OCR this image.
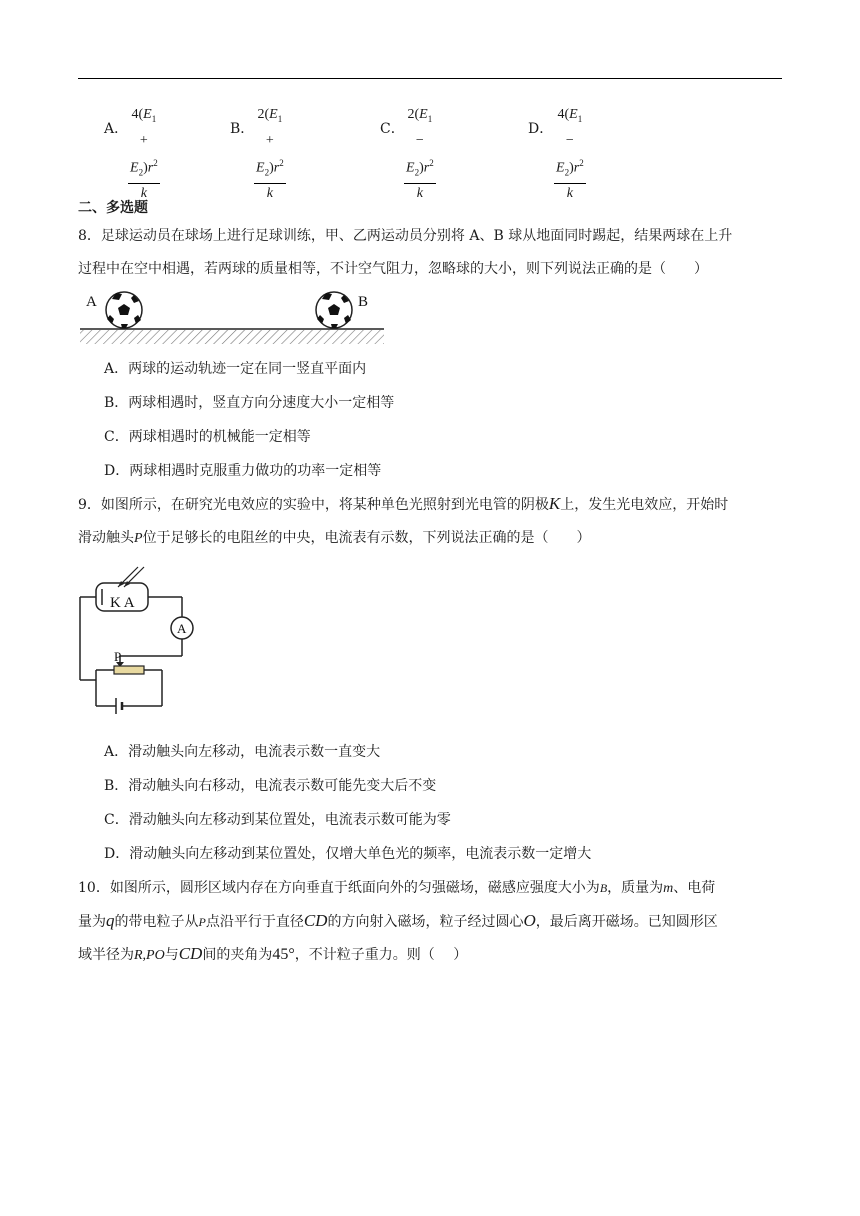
A．
$4(E_1 + E_2)r^2$
k
B．
$2(E_1 + E_2)r^2$
k
C．
$2(E_1 - E_2)r^2$
k
D．
$4(E_1 - E_2)r^2$
k
二、多选题
8．足球运动员在球场上进行足球训练，甲、乙两运动员分别将 A、B 球从地面同时踢起，结果两球在上升
过程中在空中相遇，若两球的质量相等，不计空气阻力，忽略球的大小，则下列说法正确的是（　　）
A	B
A．两球的运动轨迹一定在同一竖直平面内
B．两球相遇时，竖直方向分速度大小一定相等
C．两球相遇时的机械能一定相等
D．两球相遇时克服重力做功的功率一定相等
9．如图所示，在研究光电效应的实验中，将某种单色光照射到光电管的阴极K上，发生光电效应，开始时
滑动触头P位于足够长的电阻丝的中央，电流表有示数，下列说法正确的是（　　）
K A
A
P
A．滑动触头向左移动，电流表示数一直变大
B．滑动触头向右移动，电流表示数可能先变大后不变
C．滑动触头向左移动到某位置处，电流表示数可能为零
D．滑动触头向左移动到某位置处，仅增大单色光的频率，电流表示数一定增大
10．如图所示，圆形区域内存在方向垂直于纸面向外的匀强磁场，磁感应强度大小为B，质量为m、电荷
量为q的带电粒子从P点沿平行于直径CD的方向射入磁场，粒子经过圆心O，最后离开磁场。已知圆形区
域半径为R,PO与CD间的夹角为45°，不计粒子重力。则（　 ）
